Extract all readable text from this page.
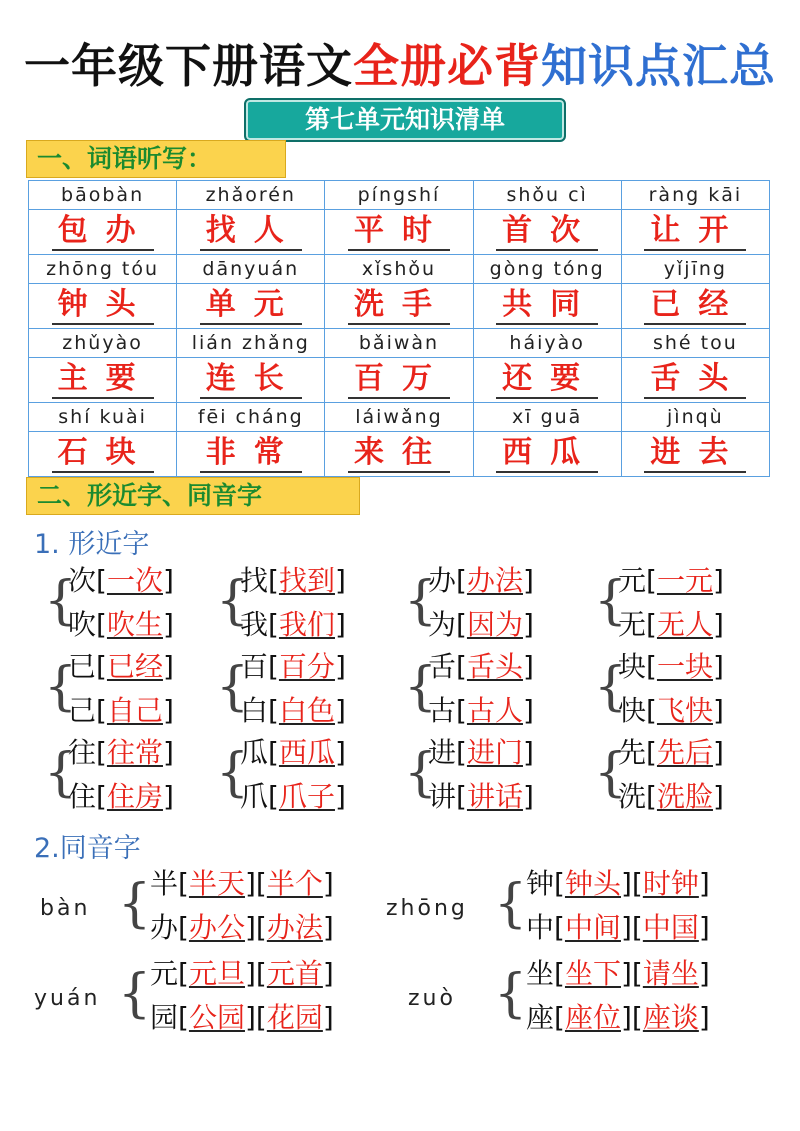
一年级下册语文全册必背知识点汇总
第七单元知识清单
一、词语听写：
bāobàn	zhǎorén	píngshí	shǒu cì	ràng kāi
包办	找人	平时	首次	让开
zhōng tóu	dānyuán	xǐshǒu	gòng tóng	yǐjīng
钟头	单元	洗手	共同	已经
zhǔyào	lián zhǎng	bǎiwàn	háiyào	shé tou
主要	连长	百万	还要	舌头
shí kuài	fēi cháng	láiwǎng	xī guā	jìnqù
石块	非常	来往	西瓜	进去
二、形近字、同音字
1. 形近字
{
次[一次]
吹[吹生] {
找[找到]
我[我们] {
办[办法]
为[因为] {
元[一元]
无[无人]
{
已[已经]
己[自己] {
百[百分]
白[白色] {
舌[舌头]
古[古人] {
块[一块]
快[飞快]
{
往[往常]
住[住房] {
瓜[西瓜]
爪[爪子] {
进[进门]
讲[讲话] {
先[先后]
洗[洗脸]
2.同音字
bàn {
半[半天][半个]
办[办公][办法]
zhōng {
钟[钟头][时钟]
中[中间][中国]
yuán {
元[元旦][元首]
园[公园][花园]
zuò {
坐[坐下][请坐]
座[座位][座谈]
